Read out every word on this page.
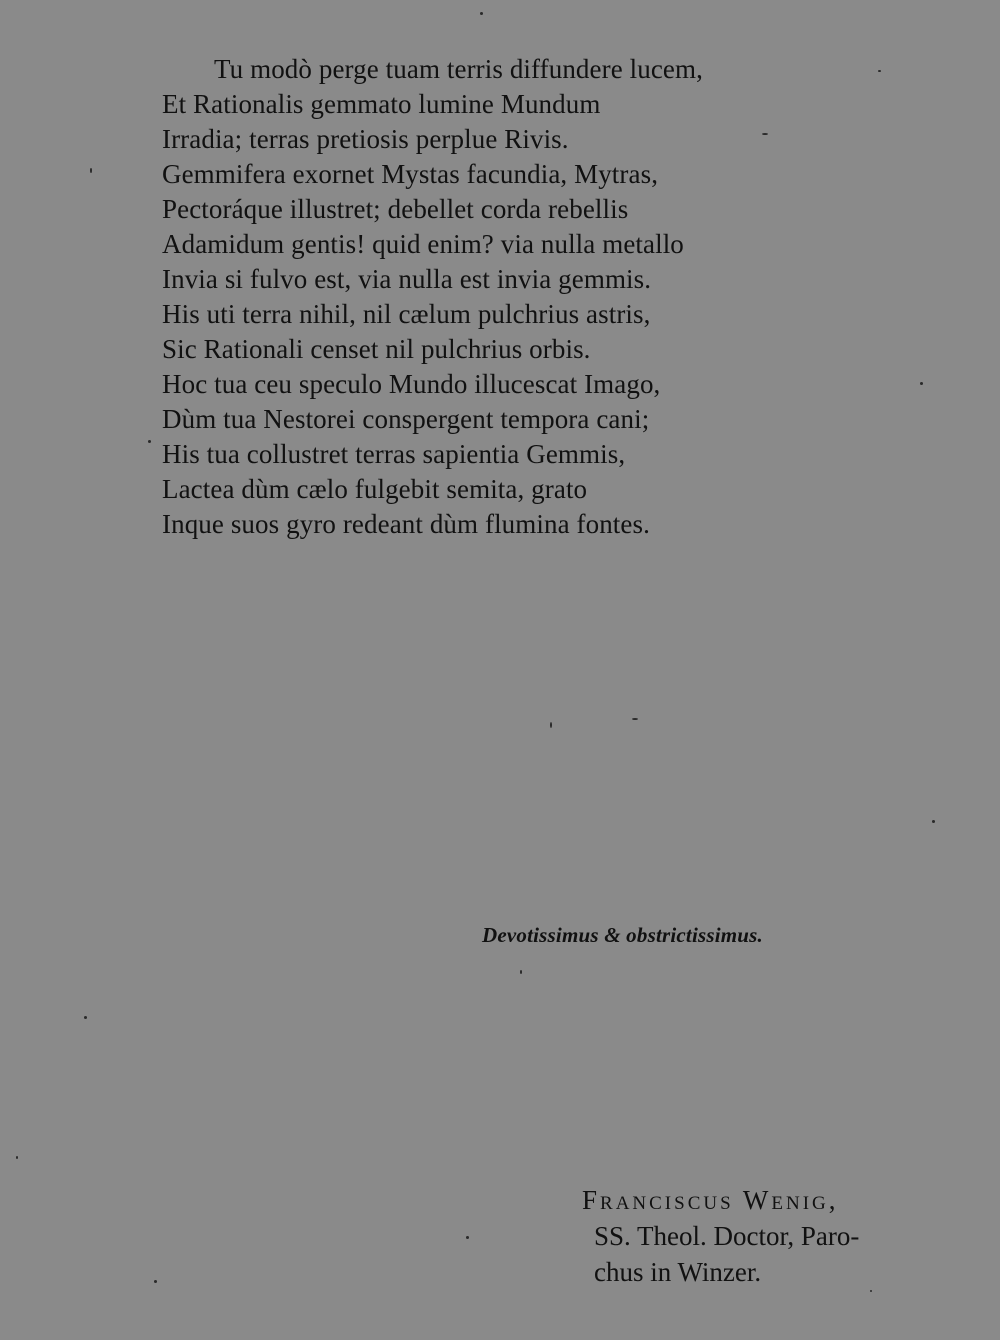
Tu modò perge tuam terris diffundere lucem,
Et Rationalis gemmato lumine Mundum
Irradia; terras pretiosis perplue Rivis.
Gemmifera exornet Mystas facundia, Mytras,
Pectoráque illustret; debellet corda rebellis
Adamidum gentis! quid enim? via nulla metallo
Invia si fulvo est, via nulla est invia gemmis.
His uti terra nihil, nil cælum pulchrius astris,
Sic Rationali censet nil pulchrius orbis.
Hoc tua ceu speculo Mundo illucescat Imago,
Dùm tua Nestorei conspergent tempora cani;
His tua collustret terras sapientia Gemmis,
Lactea dùm cælo fulgebit semita, grato
Inque suos gyro redeant dùm flumina fontes.
Devotissimus & obstrictissimus.
Franciscus Wenig,
SS. Theol. Doctor, Paro-
chus in Winzer.
